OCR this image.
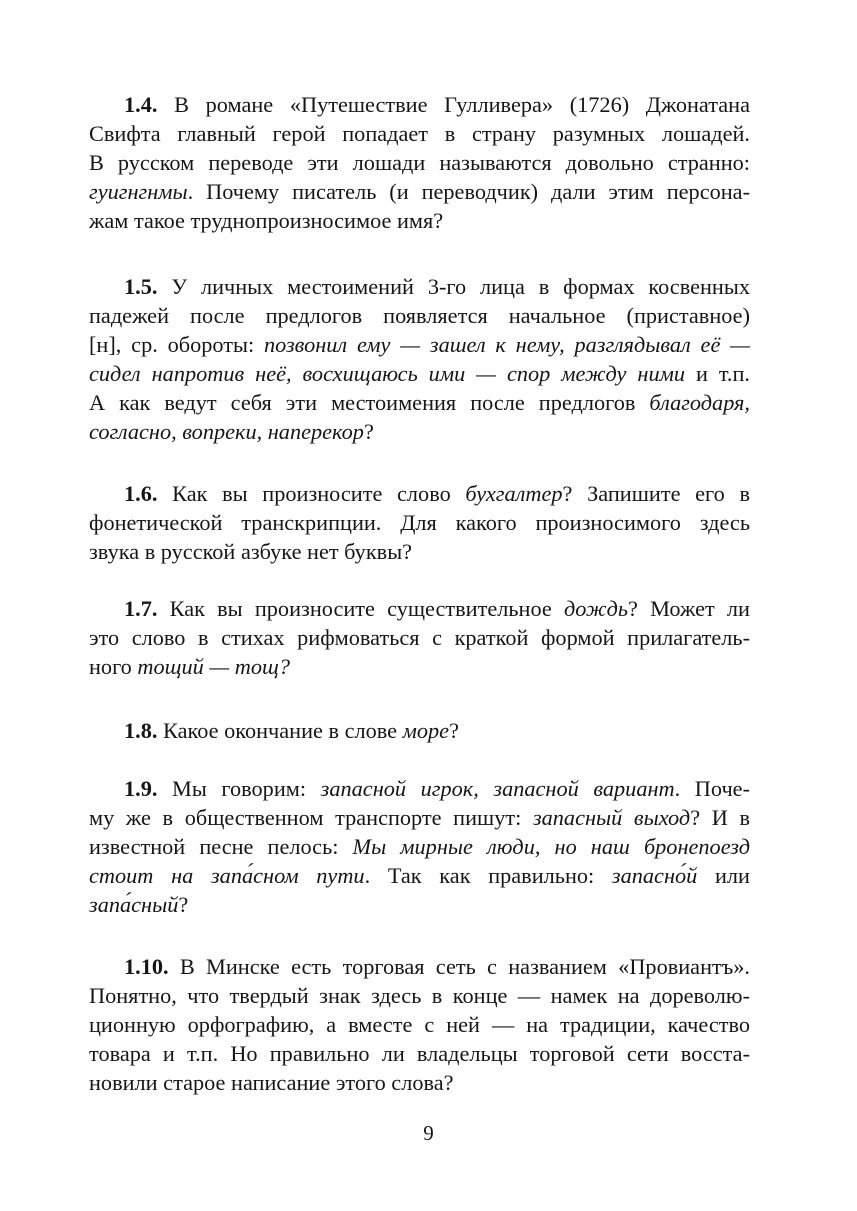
1.4. В романе «Путешествие Гулливера» (1726) Джонатана
Свифта главный герой попадает в страну разумных лошадей.
В русском переводе эти лошади называются довольно странно:
гуигнгнмы. Почему писатель (и переводчик) дали этим персона-
жам такое труднопроизносимое имя?
1.5. У личных местоимений 3-го лица в формах косвенных
падежей после предлогов появляется начальное (приставное)
[н], ср. обороты: позвонил ему — зашел к нему, разглядывал её —
сидел напротив неё, восхищаюсь ими — спор между ними и т.п.
А как ведут себя эти местоимения после предлогов благодаря,
согласно, вопреки, наперекор?
1.6. Как вы произносите слово бухгалтер? Запишите его в
фонетической транскрипции. Для какого произносимого здесь
звука в русской азбуке нет буквы?
1.7. Как вы произносите существительное дождь? Может ли
это слово в стихах рифмоваться с краткой формой прилагатель-
ного тощий — тощ?
1.8. Какое окончание в слове море?
1.9. Мы говорим: запасной игрок, запасной вариант. Поче-
му же в общественном транспорте пишут: запасный выход? И в
известной песне пелось: Мы мирные люди, но наш бронепоезд
стоит на запа́сном пути. Так как правильно: запасно́й или
запа́сный?
1.10. В Минске есть торговая сеть с названием «Провиантъ».
Понятно, что твердый знак здесь в конце — намек на дореволю-
ционную орфографию, а вместе с ней — на традиции, качество
товара и т.п. Но правильно ли владельцы торговой сети восста-
новили старое написание этого слова?
9
